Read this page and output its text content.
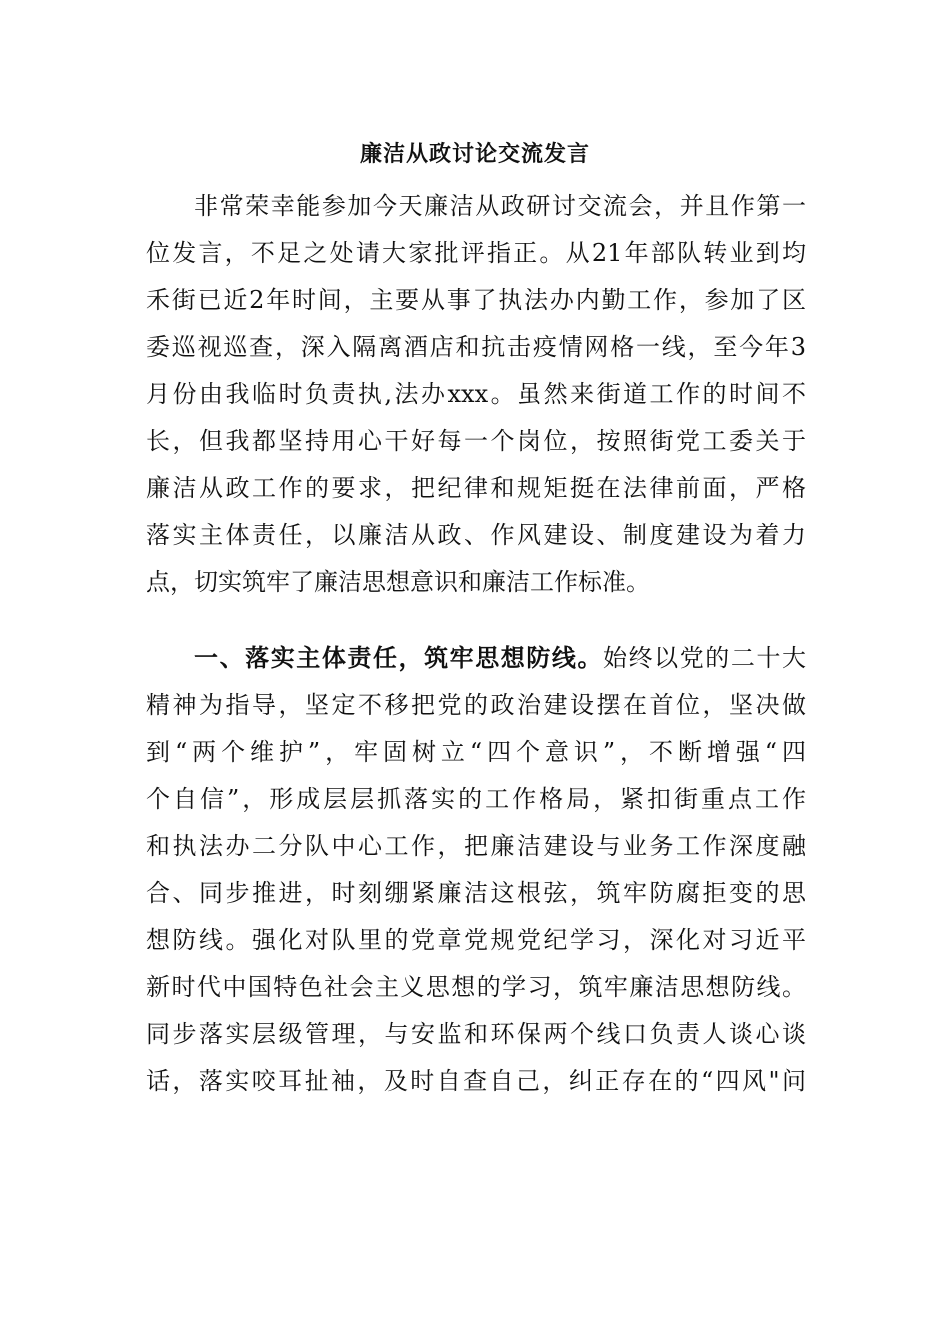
廉洁从政讨论交流发言
非常荣幸能参加今天廉洁从政研讨交流会，并且作第一
位发言，不足之处请大家批评指正。从21年部队转业到均
禾街已近2年时间，主要从事了执法办内勤工作，参加了区
委巡视巡查，深入隔离酒店和抗击疫情网格一线，至今年3
月份由我临时负责执,法办xxx。虽然来街道工作的时间不
长，但我都坚持用心干好每一个岗位，按照街党工委关于
廉洁从政工作的要求，把纪律和规矩挺在法律前面，严格
落实主体责任，以廉洁从政、作风建设、制度建设为着力
点，切实筑牢了廉洁思想意识和廉洁工作标准。
一、落实主体责任，筑牢思想防线。始终以党的二十大
精神为指导，坚定不移把党的政治建设摆在首位，坚决做
到“两个维护”，牢固树立“四个意识”，不断增强“四
个自信”，形成层层抓落实的工作格局，紧扣街重点工作
和执法办二分队中心工作，把廉洁建设与业务工作深度融
合、同步推进，时刻绷紧廉洁这根弦，筑牢防腐拒变的思
想防线。强化对队里的党章党规党纪学习，深化对习近平
新时代中国特色社会主义思想的学习，筑牢廉洁思想防线。
同步落实层级管理，与安监和环保两个线口负责人谈心谈
话，落实咬耳扯袖，及时自查自己，纠正存在的“四风"问
